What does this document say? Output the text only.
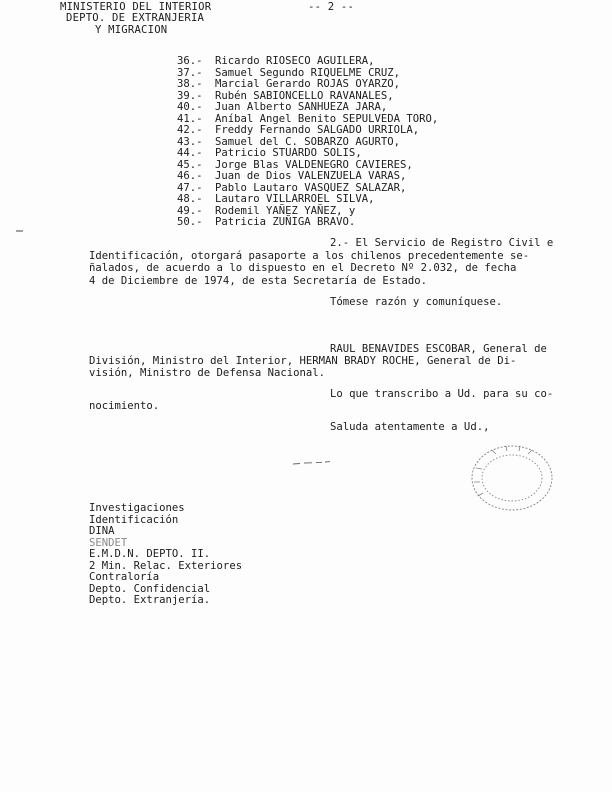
MINISTERIO DEL INTERIOR
DEPTO. DE EXTRANJERIA
Y MIGRACION
-- 2 --
36.- Ricardo RIOSECO AGUILERA,
37.- Samuel Segundo RIQUELME CRUZ,
38.- Marcial Gerardo ROJAS OYARZO,
39.- Rubén SABIONCELLO RAVANALES,
40.- Juan Alberto SANHUEZA JARA,
41.- Aníbal Angel Benito SEPULVEDA TORO,
42.- Freddy Fernando SALGADO URRIOLA,
43.- Samuel del C. SOBARZO AGURTO,
44.- Patricio STUARDO SOLIS,
45.- Jorge Blas VALDENEGRO CAVIERES,
46.- Juan de Dios VALENZUELA VARAS,
47.- Pablo Lautaro VASQUEZ SALAZAR,
48.- Lautaro VILLARROEL SILVA,
49.- Rodemil YAÑEZ YAÑEZ, y
50.- Patricia ZUÑIGA BRAVO.
2.- El Servicio de Registro Civil e
Identificación, otorgará pasaporte a los chilenos precedentemente se-
ñalados, de acuerdo a lo dispuesto en el Decreto Nº 2.032, de fecha
4 de Diciembre de 1974, de esta Secretaría de Estado.
Tómese razón y comuníquese.
RAUL BENAVIDES ESCOBAR, General de
División, Ministro del Interior, HERMAN BRADY ROCHE, General de Di-
visión, Ministro de Defensa Nacional.
Lo que transcribo a Ud. para su co-
nocimiento.
Saluda atentamente a Ud.,
Investigaciones
Identificación
DINA
SENDET
E.M.D.N. DEPTO. II.
2 Min. Relac. Exteriores
Contraloría
Depto. Confidencial
Depto. Extranjería.
